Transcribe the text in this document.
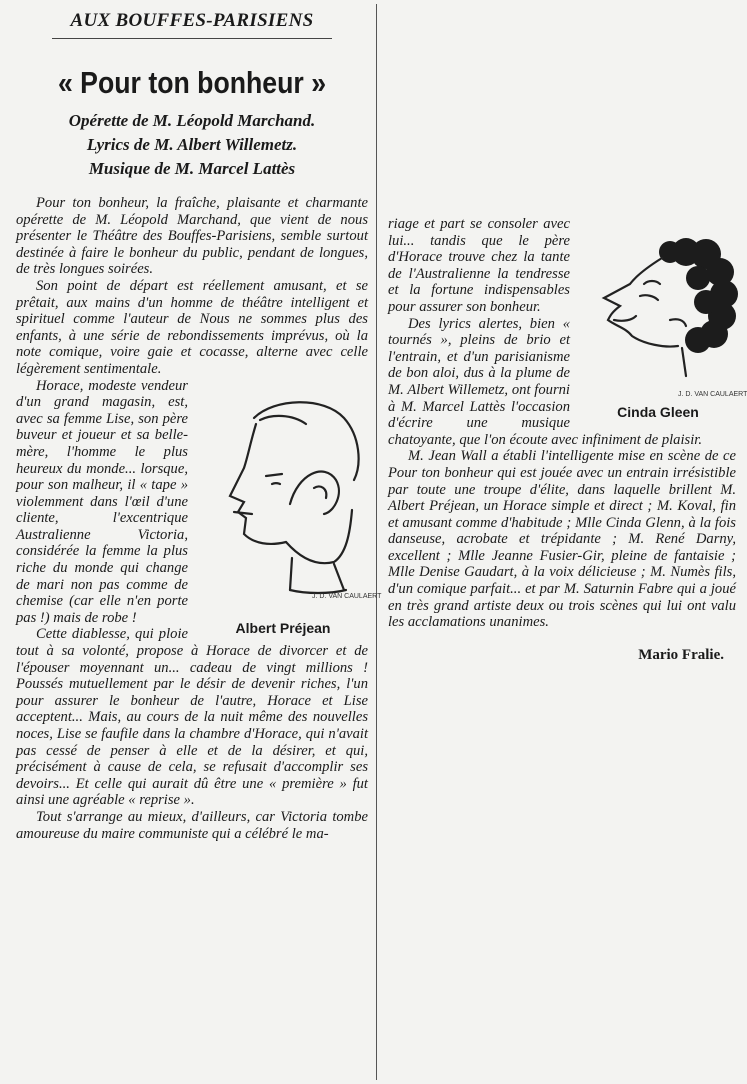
AUX BOUFFES-PARISIENS
« Pour ton bonheur »
Opérette de M. Léopold Marchand.
Lyrics de M. Albert Willemetz.
Musique de M. Marcel Lattès

Pour ton bonheur, la fraîche, plaisante et charmante opérette de M. Léopold Marchand, que vient de nous présenter le Théâtre des Bouffes-Parisiens, semble surtout destinée à faire le bonheur du public, pendant de longues, de très longues soirées.

Son point de départ est réellement amusant, et se prêtait, aux mains d'un homme de théâtre intelligent et spirituel comme l'auteur de Nous ne sommes plus des enfants, à une série de rebondissements imprévus, où la note comique, voire gaie et cocasse, alterne avec celle légèrement sentimentale.

J. D. VAN CAULAERT
Albert Préjean

Horace, modeste vendeur d'un grand magasin, est, avec sa femme Lise, son père buveur et joueur et sa belle-mère, l'homme le plus heureux du monde... lorsque, pour son malheur, il « tape » violemment dans l'œil d'une cliente, l'excentrique Australienne Victoria, considérée la femme la plus riche du monde qui change de mari non pas comme de chemise (car elle n'en porte pas !) mais de robe !

Cette diablesse, qui ploie tout à sa volonté, propose à Horace de divorcer et de l'épouser moyennant un... cadeau de vingt millions ! Poussés mutuellement par le désir de devenir riches, l'un pour assurer le bonheur de l'autre, Horace et Lise acceptent... Mais, au cours de la nuit même des nouvelles noces, Lise se faufile dans la chambre d'Horace, qui n'avait pas cessé de penser à elle et de la désirer, et qui, précisément à cause de cela, se refusait d'accomplir ses devoirs... Et celle qui aurait dû être une « première » fut ainsi une agréable « reprise ».

Tout s'arrange au mieux, d'ailleurs, car Victoria tombe amoureuse du maire communiste qui a célébré le ma-

J. D. VAN CAULAERT
Cinda Gleen

riage et part se consoler avec lui... tandis que le père d'Horace trouve chez la tante de l'Australienne la tendresse et la fortune indispensables pour assurer son bonheur.

Des lyrics alertes, bien « tournés », pleins de brio et l'entrain, et d'un parisianisme de bon aloi, dus à la plume de M. Albert Willemetz, ont fourni à M. Marcel Lattès l'occasion d'écrire une musique chatoyante, que l'on écoute avec infiniment de plaisir.

M. Jean Wall a établi l'intelligente mise en scène de ce Pour ton bonheur qui est jouée avec un entrain irrésistible par toute une troupe d'élite, dans laquelle brillent M. Albert Préjean, un Horace simple et direct ; M. Koval, fin et amusant comme d'habitude ; Mlle Cinda Glenn, à la fois danseuse, acrobate et trépidante ; M. René Darny, excellent ; Mlle Jeanne Fusier-Gir, pleine de fantaisie ; Mlle Denise Gaudart, à la voix délicieuse ; M. Numès fils, d'un comique parfait... et par M. Saturnin Fabre qui a joué en très grand artiste deux ou trois scènes qui lui ont valu les acclamations unanimes.

Mario Fralie.
